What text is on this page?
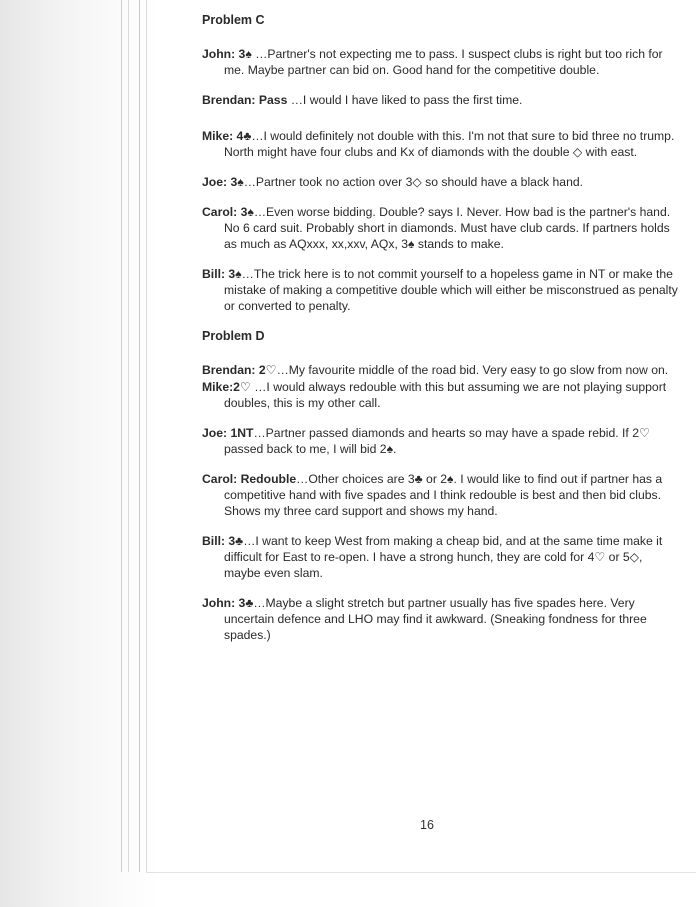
Problem C

John: 3♠ …Partner's not expecting me to pass. I suspect clubs is right but too rich for me. Maybe partner can bid on. Good hand for the competitive double.

Brendan: Pass …I would I have liked to pass the first time.

Mike: 4♣…I would definitely not double with this. I'm not that sure to bid three no trump. North might have four clubs and Kx of diamonds with the double ◇ with east.

Joe: 3♠…Partner took no action over 3◇ so should have a black hand.

Carol: 3♠…Even worse bidding. Double? says I. Never. How bad is the partner's hand. No 6 card suit. Probably short in diamonds. Must have club cards. If partners holds as much as AQxxx, xx,xxv, AQx, 3♠ stands to make.

Bill: 3♠…The trick here is to not commit yourself to a hopeless game in NT or make the mistake of making a competitive double which will either be misconstrued as penalty or converted to penalty.

Problem D

Brendan: 2♡…My favourite middle of the road bid. Very easy to go slow from now on.

Mike:2♡ …I would always redouble with this but assuming we are not playing support doubles, this is my other call.

Joe: 1NT…Partner passed diamonds and hearts so may have a spade rebid. If 2♡ passed back to me, I will bid 2♠.

Carol: Redouble…Other choices are 3♣ or 2♠. I would like to find out if partner has a competitive hand with five spades and I think redouble is best and then bid clubs. Shows my three card support and shows my hand.

Bill: 3♣…I want to keep West from making a cheap bid, and at the same time make it difficult for East to re-open. I have a strong hunch, they are cold for 4♡ or 5◇, maybe even slam.

John: 3♣…Maybe a slight stretch but partner usually has five spades here. Very uncertain defence and LHO may find it awkward. (Sneaking fondness for three spades.)

16
